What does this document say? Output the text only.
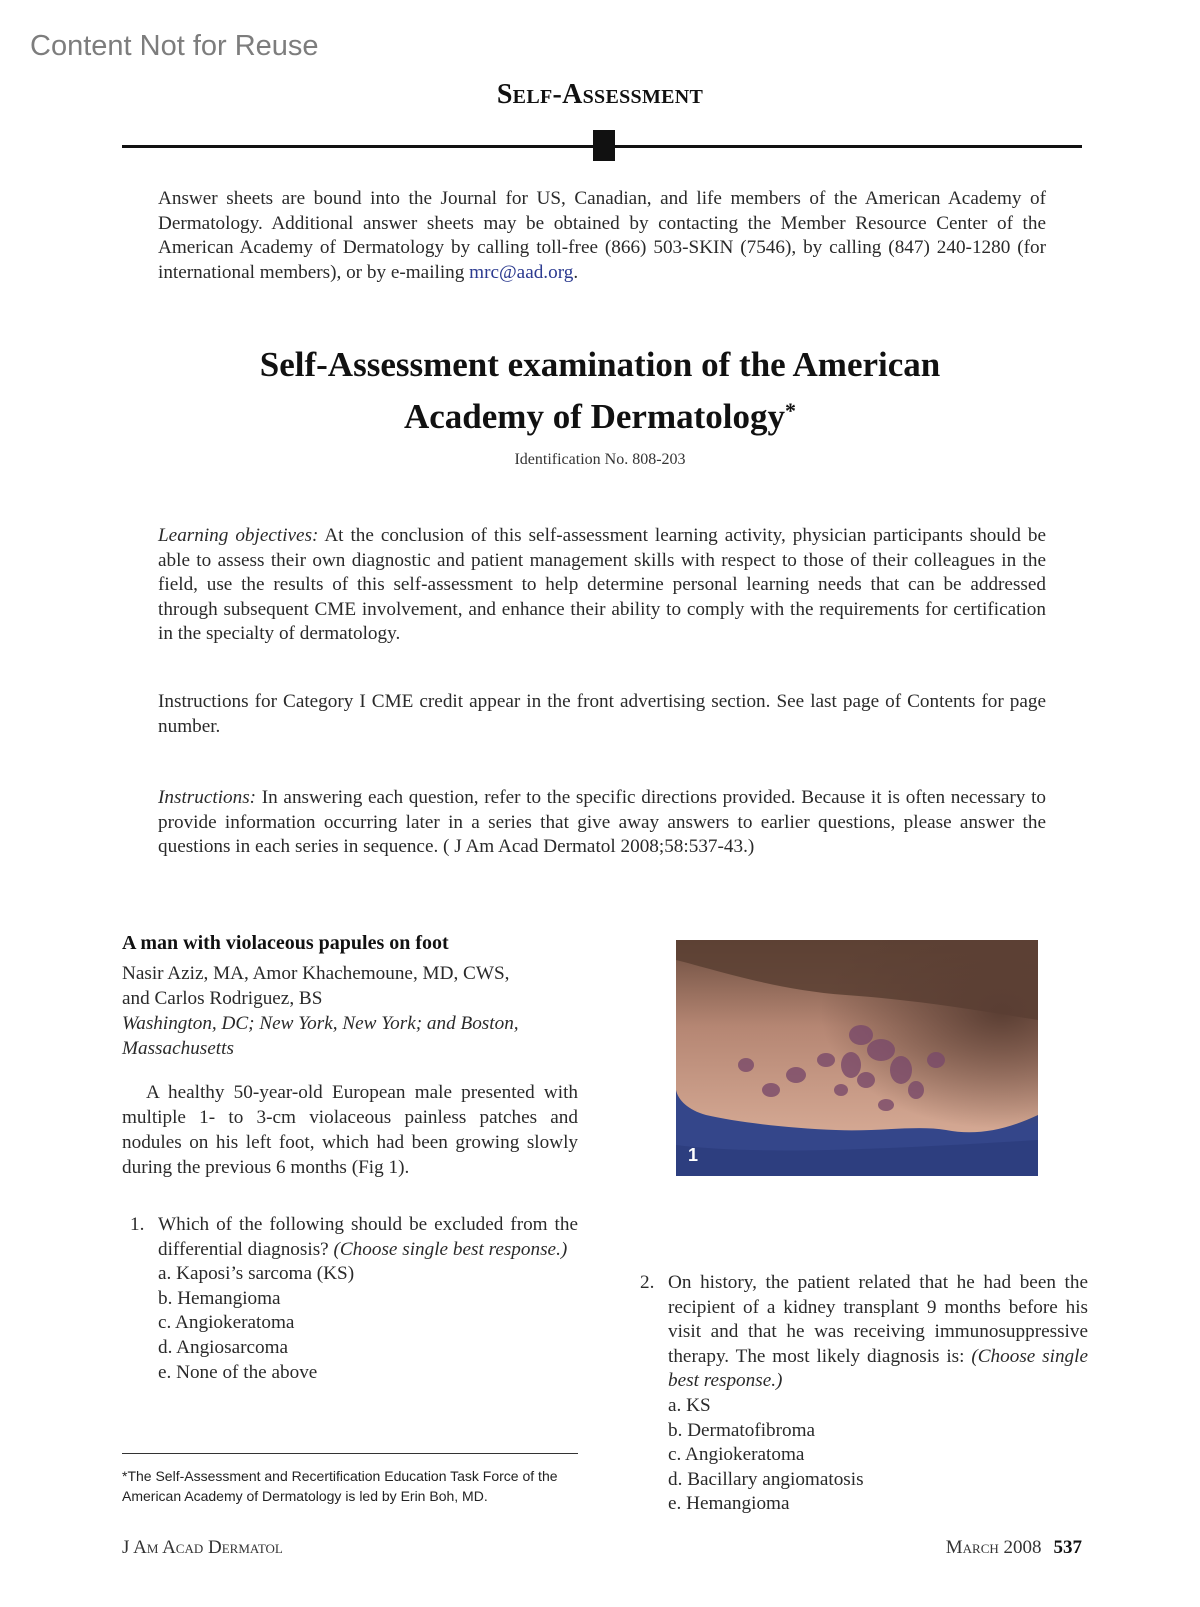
Content Not for Reuse
Self-Assessment
Answer sheets are bound into the Journal for US, Canadian, and life members of the American Academy of Dermatology. Additional answer sheets may be obtained by contacting the Member Resource Center of the American Academy of Dermatology by calling toll-free (866) 503-SKIN (7546), by calling (847) 240-1280 (for international members), or by e-mailing mrc@aad.org.
Self-Assessment examination of the American
Academy of Dermatology*
Identification No. 808-203
Learning objectives: At the conclusion of this self-assessment learning activity, physician participants should be able to assess their own diagnostic and patient management skills with respect to those of their colleagues in the field, use the results of this self-assessment to help determine personal learning needs that can be addressed through subsequent CME involvement, and enhance their ability to comply with the requirements for certification in the specialty of dermatology.
Instructions for Category I CME credit appear in the front advertising section. See last page of Contents for page number.
Instructions: In answering each question, refer to the specific directions provided. Because it is often necessary to provide information occurring later in a series that give away answers to earlier questions, please answer the questions in each series in sequence. ( J Am Acad Dermatol 2008;58:537-43.)
A man with violaceous papules on foot
Nasir Aziz, MA, Amor Khachemoune, MD, CWS,
and Carlos Rodriguez, BS
Washington, DC; New York, New York; and Boston,
Massachusetts
A healthy 50-year-old European male presented with multiple 1- to 3-cm violaceous painless patches and nodules on his left foot, which had been growing slowly during the previous 6 months (Fig 1).
1. Which of the following should be excluded from the differential diagnosis? (Choose single best response.)
a. Kaposi’s sarcoma (KS)
b. Hemangioma
c. Angiokeratoma
d. Angiosarcoma
e. None of the above
*The Self-Assessment and Recertification Education Task Force of the American Academy of Dermatology is led by Erin Boh, MD.
1
2. On history, the patient related that he had been the recipient of a kidney transplant 9 months before his visit and that he was receiving immunosuppressive therapy. The most likely diagnosis is: (Choose single best response.)
a. KS
b. Dermatofibroma
c. Angiokeratoma
d. Bacillary angiomatosis
e. Hemangioma
J Am Acad Dermatol	March 2008 537
